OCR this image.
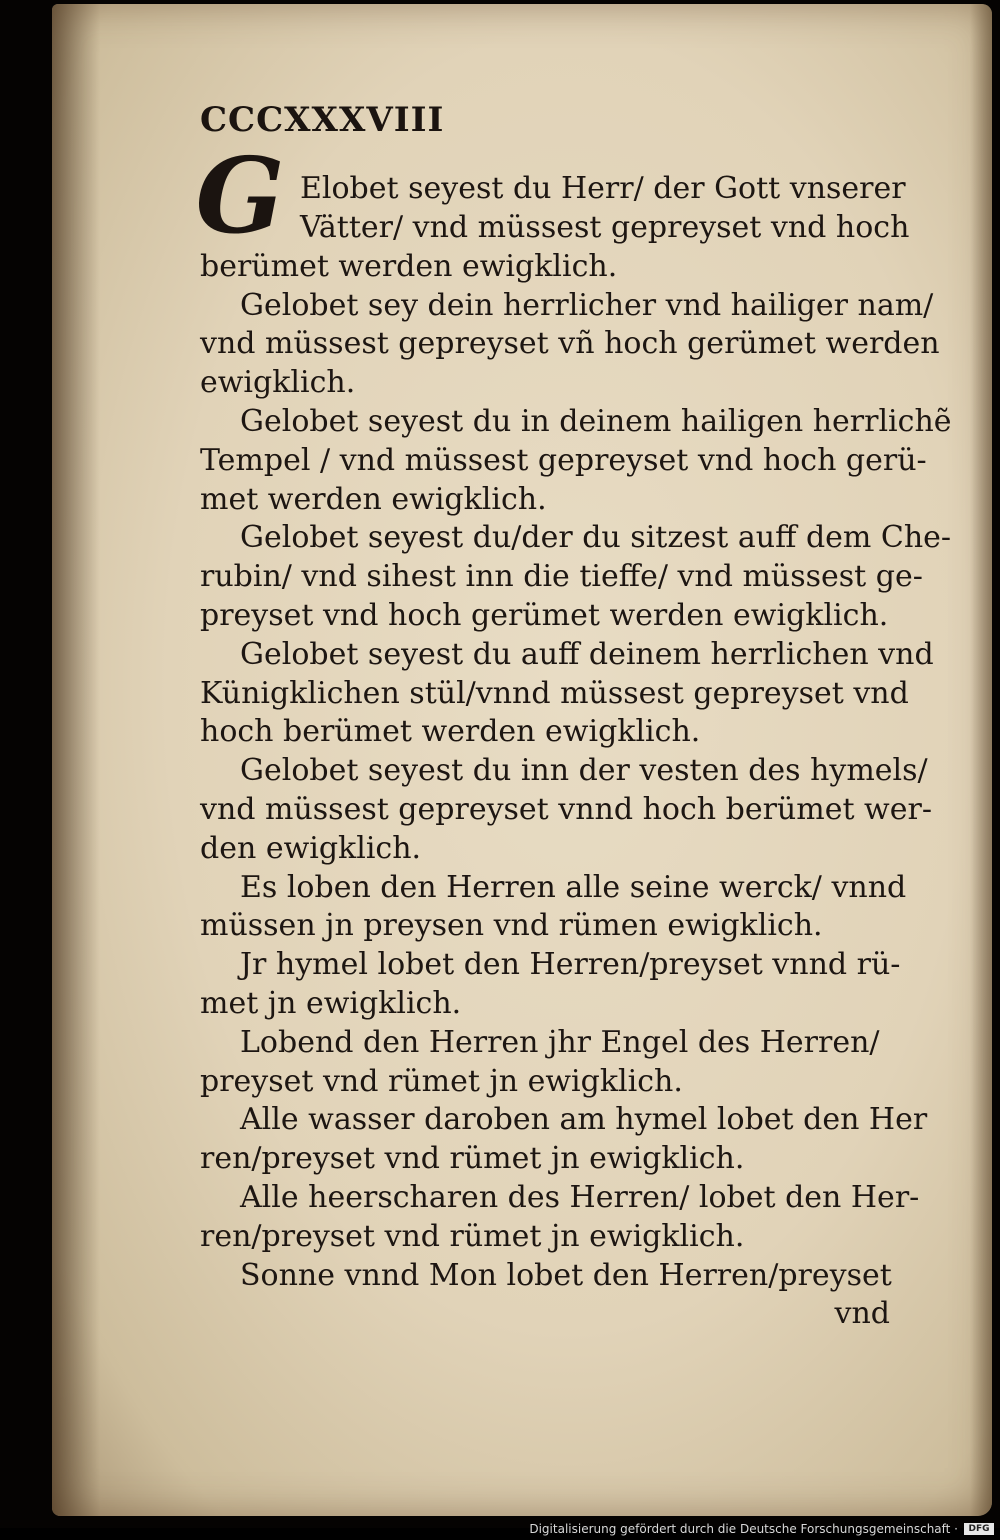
CCCXXXVIII
G Elobet seyest du Herr/ der Gott vnserer
Vätter/ vnd müssest gepreyset vnd hoch
berümet werden ewigklich.
Gelobet sey dein herrlicher vnd hailiger nam/
vnd müssest gepreyset vñ hoch gerümet werden
ewigklich.
Gelobet seyest du in deinem hailigen herrlichẽ
Tempel / vnd müssest gepreyset vnd hoch gerü-
met werden ewigklich.
Gelobet seyest du/der du sitzest auff dem Che-
rubin/ vnd sihest inn die tieffe/ vnd müssest ge-
preyset vnd hoch gerümet werden ewigklich.
Gelobet seyest du auff deinem herrlichen vnd
Künigklichen stül/vnnd müssest gepreyset vnd
hoch berümet werden ewigklich.
Gelobet seyest du inn der vesten des hymels/
vnd müssest gepreyset vnnd hoch berümet wer-
den ewigklich.
Es loben den Herren alle seine werck/ vnnd
müssen jn preysen vnd rümen ewigklich.
Jr hymel lobet den Herren/preyset vnnd rü-
met jn ewigklich.
Lobend den Herren jhr Engel des Herren/
preyset vnd rümet jn ewigklich.
Alle wasser daroben am hymel lobet den Her
ren/preyset vnd rümet jn ewigklich.
Alle heerscharen des Herren/ lobet den Her-
ren/preyset vnd rümet jn ewigklich.
Sonne vnnd Mon lobet den Herren/preyset
vnd
Digitalisierung gefördert durch die Deutsche Forschungsgemeinschaft ·	DFG
